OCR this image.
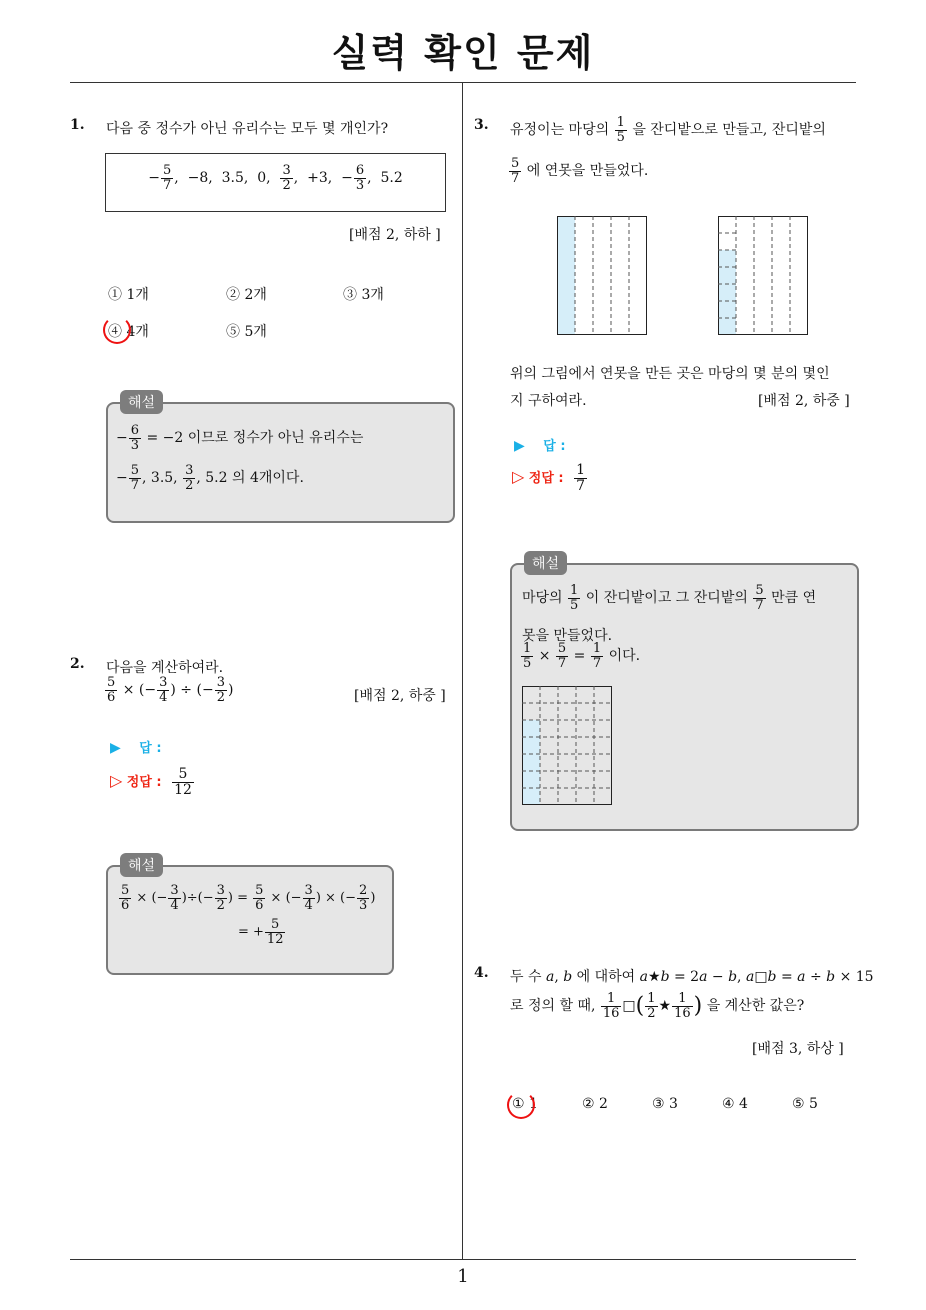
실력 확인 문제
1
1. 다음 중 정수가 아닌 유리수는 모두 몇 개인가?
− $\frac{5}{7}$ ,  −8,  3.5,  0, $\frac{3}{2}$ ,  +3,  − $\frac{6}{3}$ ,  5.2
[배점 2, 하하 ]
① 1개	② 2개	③ 3개
④ 4개	⑤ 5개
해설
− $\frac{6}{3} = -2$ 이므로 정수가 아닌 유리수는
− $\frac{5}{7}$ , 3.5, $\frac{3}{2}$ , 5.2 의 4개이다.
2. 다음을 계산하여라.
$\frac{5}{6}$ × (− $\frac{3}{4}$ ) ÷ (− $\frac{3}{2}$ )	[배점 2, 하중 ]
▶ 답 :
▷ 정답 : $\frac{5}{12}$
해설
$\frac{5}{6}$ × (− $\frac{3}{4}$ )÷(− $\frac{3}{2}$ ) = $\frac{5}{6}$ × (− $\frac{3}{4}$ ) × (− $\frac{2}{3}$ )
= + $\frac{5}{12}$
3. 유정이는 마당의 $\frac{1}{5}$ 을 잔디밭으로 만들고, 잔디밭의
$\frac{5}{7}$ 에 연못을 만들었다.
위의 그림에서 연못을 만든 곳은 마당의 몇 분의 몇인
지 구하여라.	[배점 2, 하중 ]
▶ 답 :
▷ 정답 : $\frac{1}{7}$
해설
마당의 $\frac{1}{5}$ 이 잔디밭이고 그 잔디밭의 $\frac{5}{7}$ 만큼 연
못을 만들었다.
$\frac{1}{5} \times \frac{5}{7} = \frac{1}{7}$ 이다.
4. 두 수 a, b 에 대하여 a★b = 2a − b, a□b = a ÷ b × 15
로 정의 할 때, $\frac{1}{16}$ □( $\frac{1}{2}$ ★ $\frac{1}{16}$ ) 을 계산한 값은?
[배점 3, 하상 ]
① 1	② 2	③ 3	④ 4	⑤ 5
